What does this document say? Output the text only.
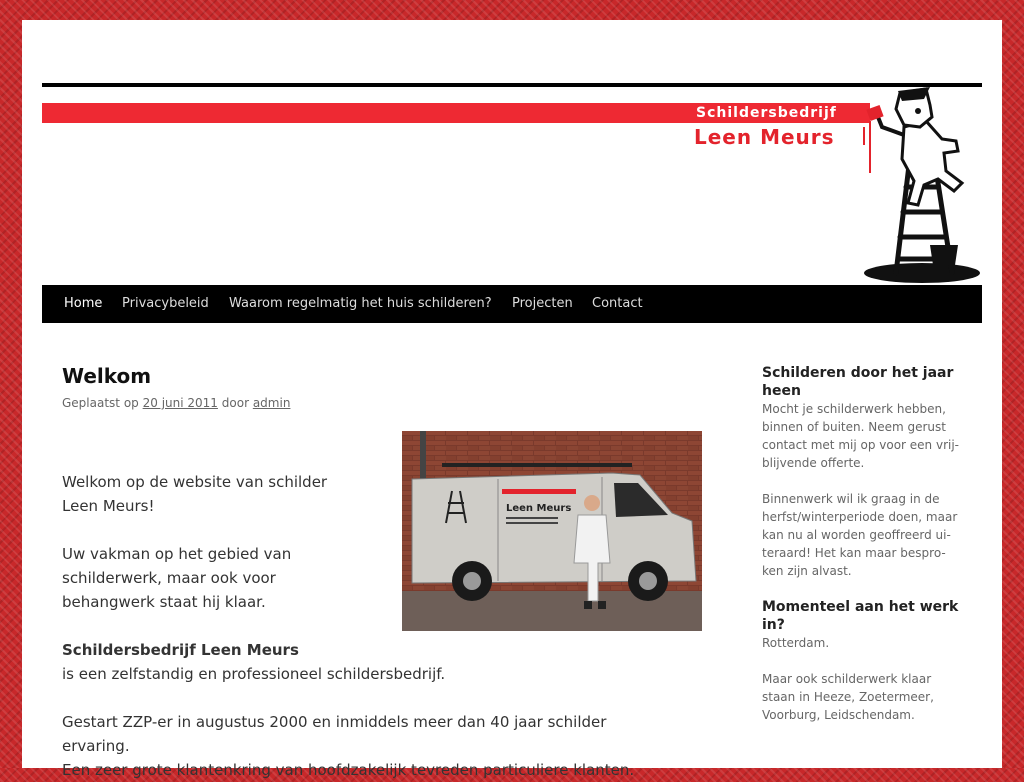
Schildersbedrijf
Leen Meurs
Home Privacybeleid Waarom regelmatig het huis schilderen? Projecten Contact
Welkom
Geplaatst op 20 juni 2011 door admin
Leen Meurs
Welkom op de website van schilder
Leen Meurs!
Uw vakman op het gebied van
schilderwerk, maar ook voor
behangwerk staat hij klaar.
Schildersbedrijf Leen Meurs
is een zelfstandig en professioneel schildersbedrijf.
Gestart ZZP-er in augustus 2000 en inmiddels meer dan 40 jaar schilder
ervaring.
Een zeer grote klantenkring van hoofdzakelijk tevreden particuliere klanten.

Schilderen door het jaar
heen

Mocht je schilderwerk hebben,
binnen of buiten. Neem gerust
contact met mij op voor een vrij-
blijvende offerte.

Binnenwerk wil ik graag in de
herfst/winterperiode doen, maar
kan nu al worden geoffreerd ui-
teraard! Het kan maar bespro-
ken zijn alvast.

Momenteel aan het werk
in?

Rotterdam.

Maar ook schilderwerk klaar
staan in Heeze, Zoetermeer,
Voorburg, Leidschendam.
